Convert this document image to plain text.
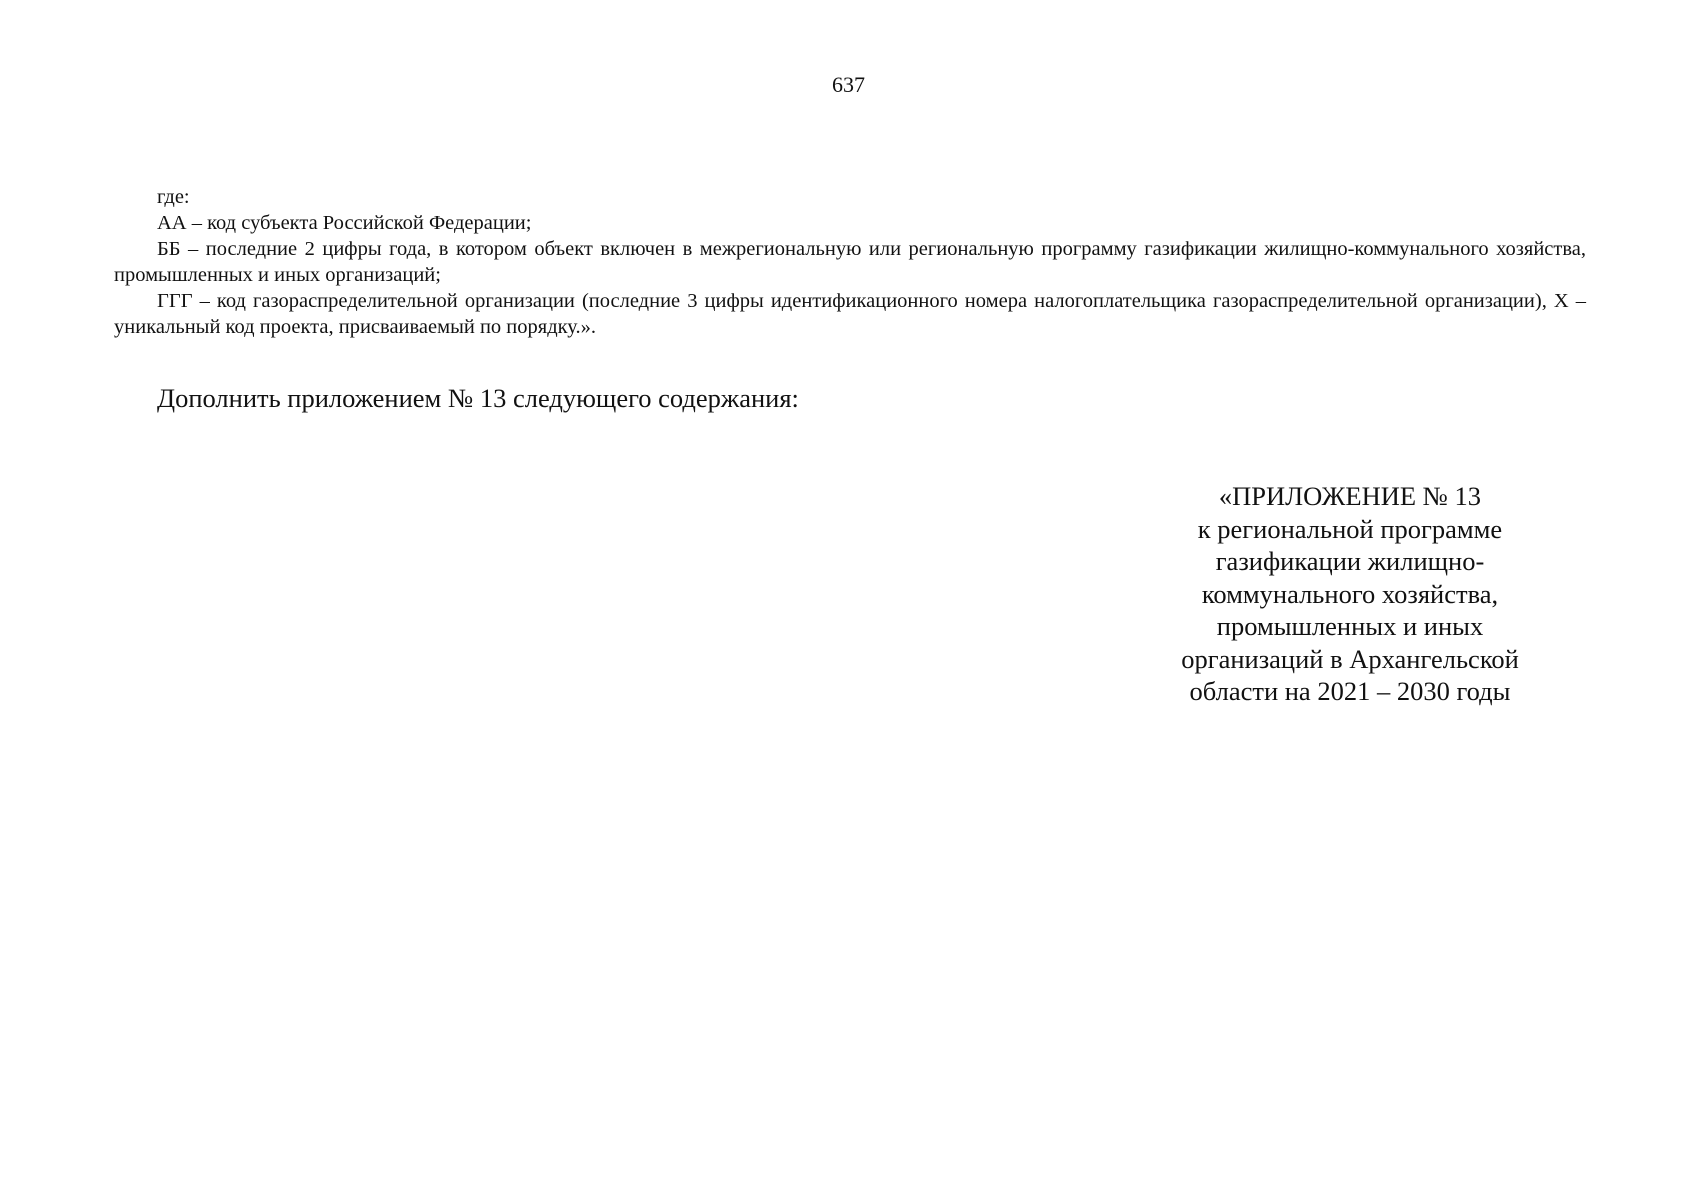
637

где:

АА – код субъекта Российской Федерации;

ББ – последние 2 цифры года, в котором объект включен в межрегиональную или региональную программу газификации жилищно-коммунального хозяйства, промышленных и иных организаций;

ГГГ – код газораспределительной организации (последние 3 цифры идентификационного номера налогоплательщика газораспределительной организации), Х – уникальный код проекта, присваиваемый по порядку.».

Дополнить приложением № 13 следующего содержания:

«ПРИЛОЖЕНИЕ № 13
к региональной программе
газификации жилищно-
коммунального хозяйства,
промышленных и иных
организаций в Архангельской
области на 2021 – 2030 годы
